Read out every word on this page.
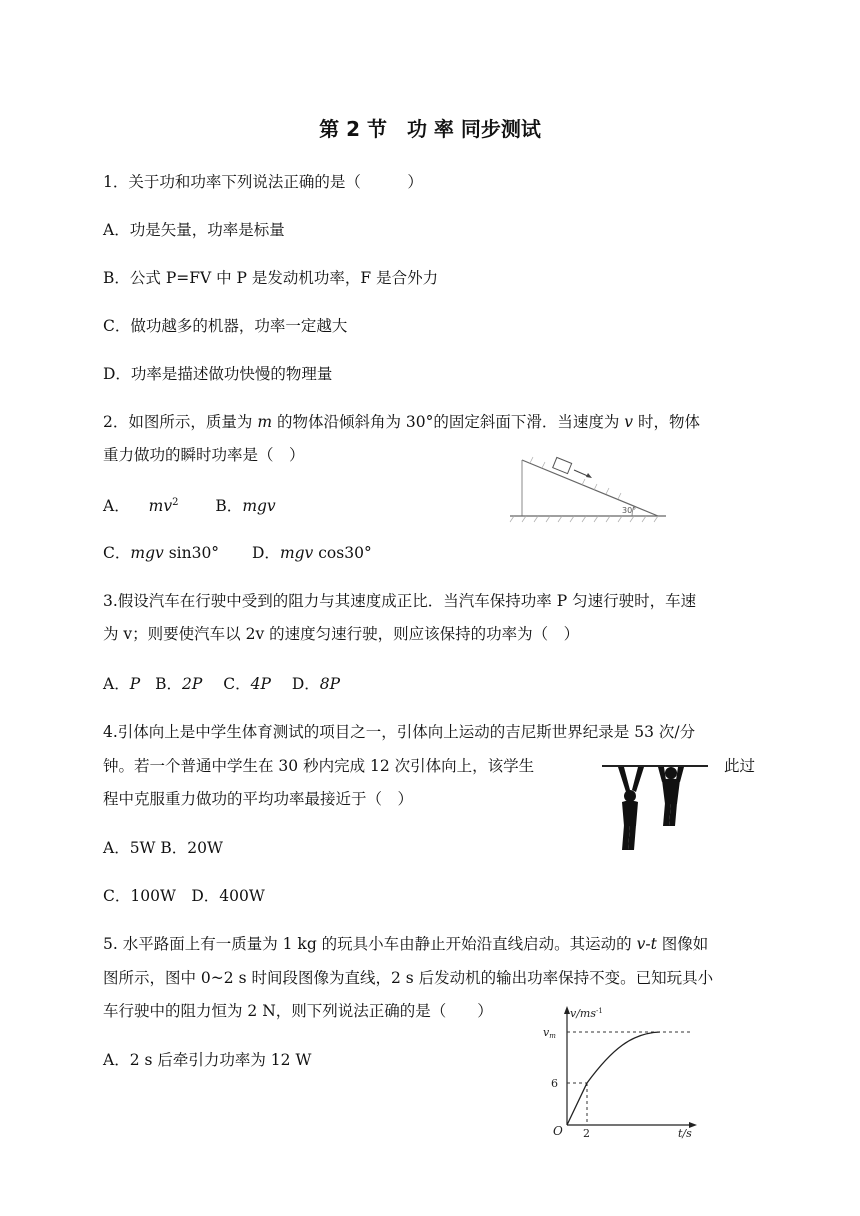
第 2 节　功 率 同步测试
1．关于功和功率下列说法正确的是（　　　）
A．功是矢量，功率是标量
B．公式 P=FV 中 P 是发动机功率，F 是合外力
C．做功越多的机器，功率一定越大
D．功率是描述做功快慢的物理量
2．如图所示，质量为 m 的物体沿倾斜角为 30°的固定斜面下滑．当速度为 v 时，物体
重力做功的瞬时功率是（　）
A． $mv^2$ B．mgv
C．mgv sin30° D．mgv cos30°
30°
3.假设汽车在行驶中受到的阻力与其速度成正比．当汽车保持功率 P 匀速行驶时，车速
为 v；则要使汽车以 2v 的速度匀速行驶，则应该保持的功率为（　）
A．P B．2P C．4P D．8P
4.引体向上是中学生体育测试的项目之一，引体向上运动的吉尼斯世界纪录是 53 次/分
钟。若一个普通中学生在 30 秒内完成 12 次引体向上，该学生	此过
程中克服重力做功的平均功率最接近于（　）
A．5W B．20W
C．100W　D．400W
5. 水平路面上有一质量为 1 kg 的玩具小车由静止开始沿直线启动。其运动的 v-t 图像如
图所示，图中 0~2 s 时间段图像为直线，2 s 后发动机的输出功率保持不变。已知玩具小
车行驶中的阻力恒为 2 N，则下列说法正确的是（　　）
A．2 s 后牵引力功率为 12 W
$v/ms^{-1}$
vm
6
O 2	t/s
